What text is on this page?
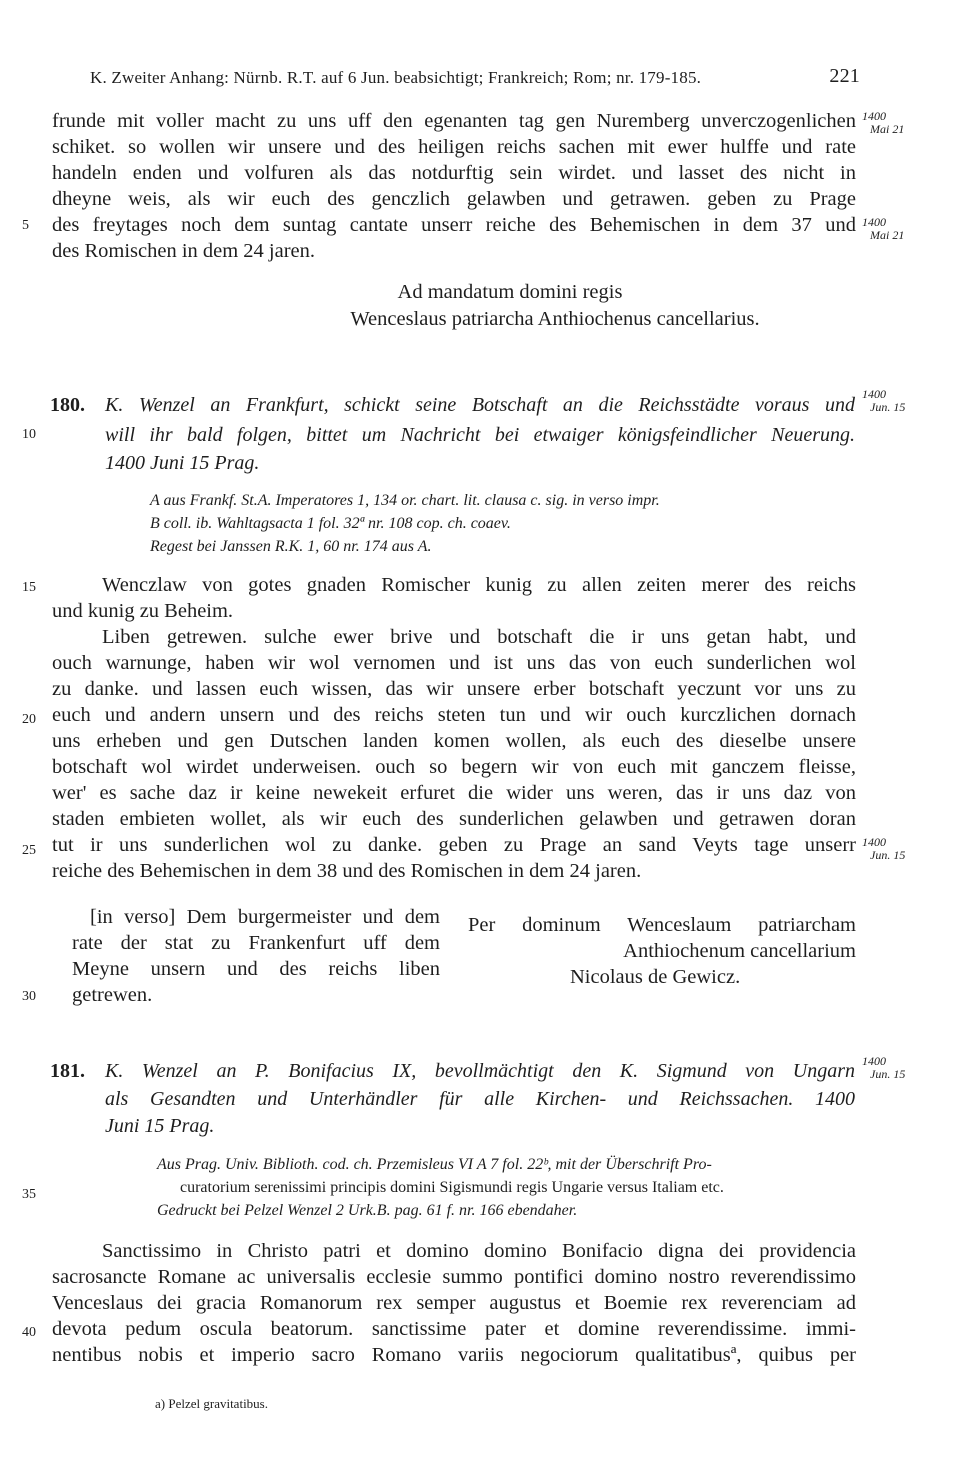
K. Zweiter Anhang: Nürnb. R.T. auf 6 Jun. beabsichtigt; Frankreich; Rom; nr. 179-185.	221
5
10
15
20
25
30
35
40
1400
Mai 21
1400
Mai 21
1400
Jun. 15
1400
Jun. 15
1400
Jun. 15
frunde mit voller macht zu uns uff den egenanten tag gen Nuremberg unverczogenlichen
schiket. so wollen wir unsere und des heiligen reichs sachen mit ewer hulffe und rate
handeln enden und volfuren als das notdurftig sein wirdet. und lasset des nicht in
dheyne weis, als wir euch des genczlich gelawben und getrawen. geben zu Prage
des freytages noch dem suntag cantate unserr reiche des Behemischen in dem 37 und
des Romischen in dem 24 jaren.
Ad mandatum domini regis
Wenceslaus patriarcha Anthiochenus cancellarius.
180. K. Wenzel an Frankfurt, schickt seine Botschaft an die Reichsstädte voraus und
will ihr bald folgen, bittet um Nachricht bei etwaiger königsfeindlicher Neuerung.
1400 Juni 15 Prag.
A aus Frankf. St.A. Imperatores 1, 134 or. chart. lit. clausa c. sig. in verso impr.
B coll. ib. Wahltagsacta 1 fol. 32ª nr. 108 cop. ch. coaev.
Regest bei Janssen R.K. 1, 60 nr. 174 aus A.
Wenczlaw von gotes gnaden Romischer kunig zu allen zeiten merer des reichs
und kunig zu Beheim.
Liben getrewen. sulche ewer brive und botschaft die ir uns getan habt, und
ouch warnunge, haben wir wol vernomen und ist uns das von euch sunderlichen wol
zu danke. und lassen euch wissen, das wir unsere erber botschaft yeczunt vor uns zu
euch und andern unsern und des reichs steten tun und wir ouch kurczlichen dornach
uns erheben und gen Dutschen landen komen wollen, als euch des dieselbe unsere
botschaft wol wirdet underweisen. ouch so begern wir von euch mit ganczem fleisse,
wer' es sache daz ir keine newekeit erfuret die wider uns weren, das ir uns daz von
staden embieten wollet, als wir euch des sunderlichen gelawben und getrawen doran
tut ir uns sunderlichen wol zu danke. geben zu Prage an sand Veyts tage unserr
reiche des Behemischen in dem 38 und des Romischen in dem 24 jaren.
[in verso] Dem burgermeister und dem
rate der stat zu Frankenfurt uff dem
Meyne unsern und des reichs liben
getrewen.
Per dominum Wenceslaum patriarcham
Anthiochenum cancellarium
Nicolaus de Gewicz.
181.	K. Wenzel an P. Bonifacius IX, bevollmächtigt den K. Sigmund von Ungarn
als Gesandten und Unterhändler für alle Kirchen- und Reichssachen. 1400
Juni 15 Prag.
Aus Prag. Univ. Biblioth. cod. ch. Przemisleus VI A 7 fol. 22ᵇ, mit der Überschrift Pro-
curatorium serenissimi principis domini Sigismundi regis Ungarie versus Italiam etc.
Gedruckt bei Pelzel Wenzel 2 Urk.B. pag. 61 f. nr. 166 ebendaher.
Sanctissimo in Christo patri et domino domino Bonifacio digna dei providencia
sacrosancte Romane ac universalis ecclesie summo pontifici domino nostro reverendissimo
Venceslaus dei gracia Romanorum rex semper augustus et Boemie rex reverenciam ad
devota pedum oscula beatorum. sanctissime pater et domine reverendissime. immi-
nentibus nobis et imperio sacro Romano variis negociorum qualitatibusª, quibus per
a) Pelzel gravitatibus.
